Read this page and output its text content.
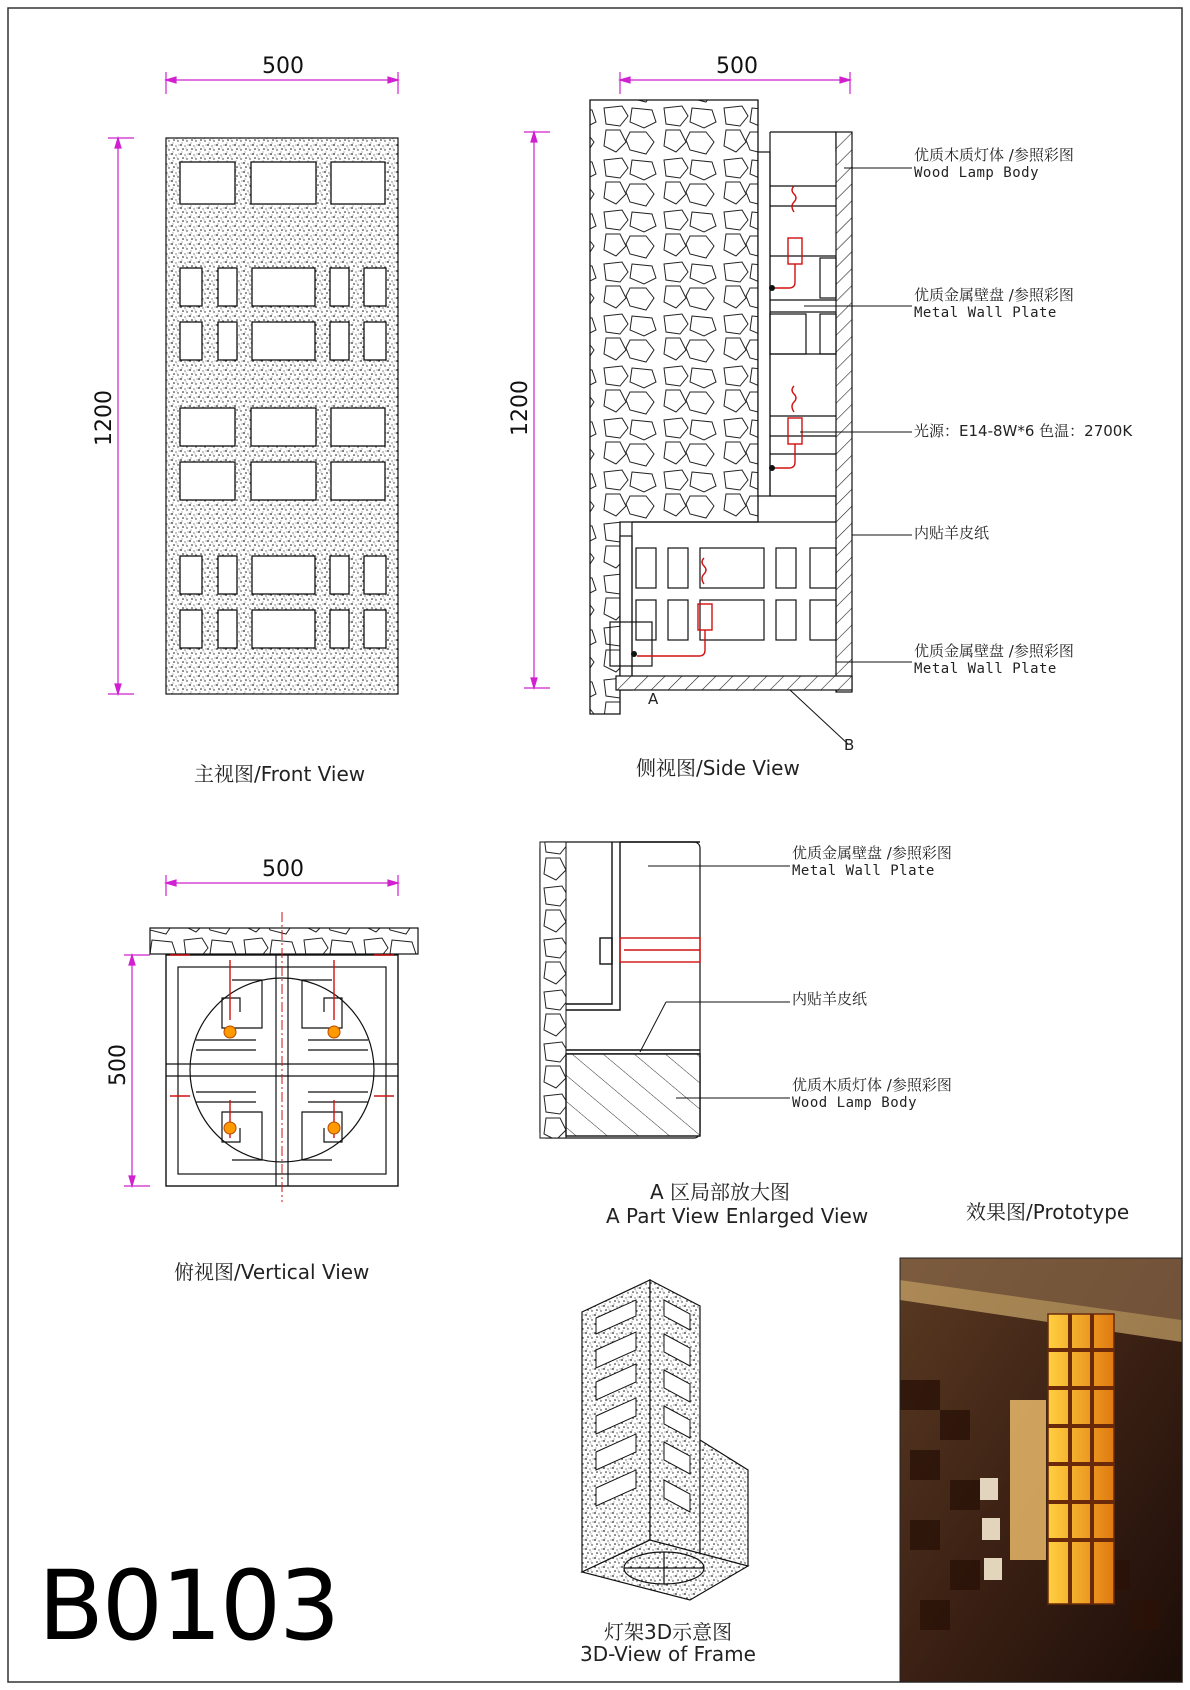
500
1200
主视图/Front View
500
1200
侧视图/Side View
A
B
优质木质灯体 /参照彩图
Wood Lamp Body
优质金属壁盘 /参照彩图
Metal Wall Plate
光源：E14-8W*6 色温：2700K
内贴羊皮纸
优质金属壁盘 /参照彩图
Metal Wall Plate
500
500
俯视图/Vertical View
优质金属壁盘 /参照彩图
Metal Wall Plate
内贴羊皮纸
优质木质灯体 /参照彩图
Wood Lamp Body
A 区局部放大图
A Part View Enlarged View
灯架3D示意图
3D-View of Frame
效果图/Prototype
B0103
